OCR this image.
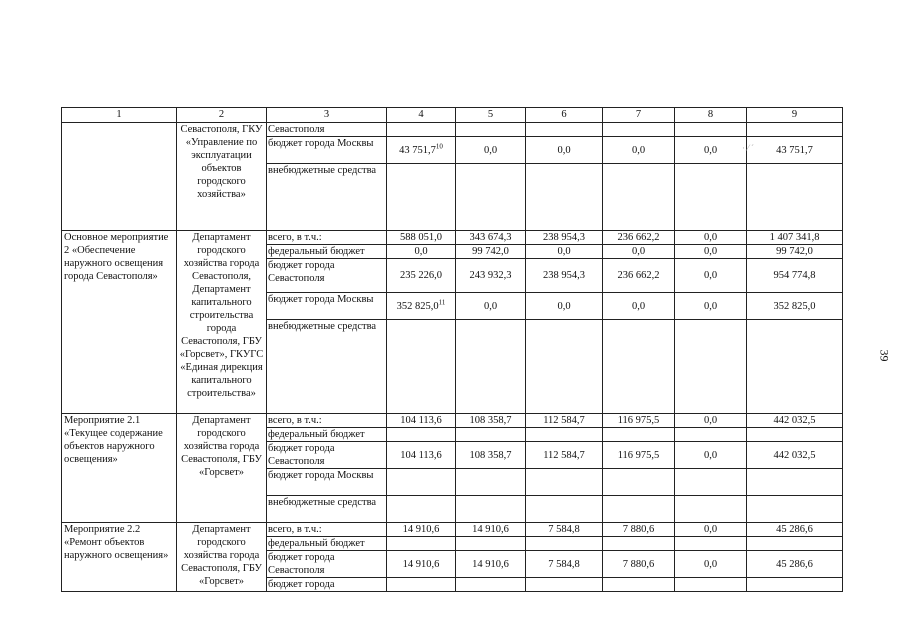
1	2	3	4	5	6	7	8	9
	Севастополя, ГКУ «Управление по эксплуатации объектов городского хозяйства»	Севастополя						
		бюджет города Москвы	43 751,7$^{10}$	0,0	0,0	0,0	0,0	43 751,7
		внебюджетные средства						
Основное мероприятие 2 «Обеспечение наружного освещения города Севастополя»	Департамент городского хозяйства города Севастополя, Департамент капитального строительства города Севастополя, ГБУ «Горсвет», ГКУГС «Единая дирекция капитального строительства»	всего, в т.ч.:	588 051,0	343 674,3	238 954,3	236 662,2	0,0	1 407 341,8
		федеральный бюджет	0,0	99 742,0	0,0	0,0	0,0	99 742,0
		бюджет города Севастополя	235 226,0	243 932,3	238 954,3	236 662,2	0,0	954 774,8
		бюджет города Москвы	352 825,0$^{11}$	0,0	0,0	0,0	0,0	352 825,0
		внебюджетные средства						
Мероприятие 2.1 «Текущее содержание объектов наружного освещения»	Департамент городского хозяйства города Севастополя, ГБУ «Горсвет»	всего, в т.ч.:	104 113,6	108 358,7	112 584,7	116 975,5	0,0	442 032,5
		федеральный бюджет						
		бюджет города Севастополя	104 113,6	108 358,7	112 584,7	116 975,5	0,0	442 032,5
		бюджет города Москвы						
		внебюджетные средства						
Мероприятие 2.2 «Ремонт объектов наружного освещения»	Департамент городского хозяйства города Севастополя, ГБУ «Горсвет»	всего, в т.ч.:	14 910,6	14 910,6	7 584,8	7 880,6	0,0	45 286,6
		федеральный бюджет						
		бюджет города Севастополя	14 910,6	14 910,6	7 584,8	7 880,6	0,0	45 286,6
		бюджет города						
39
· ⁄ ´
